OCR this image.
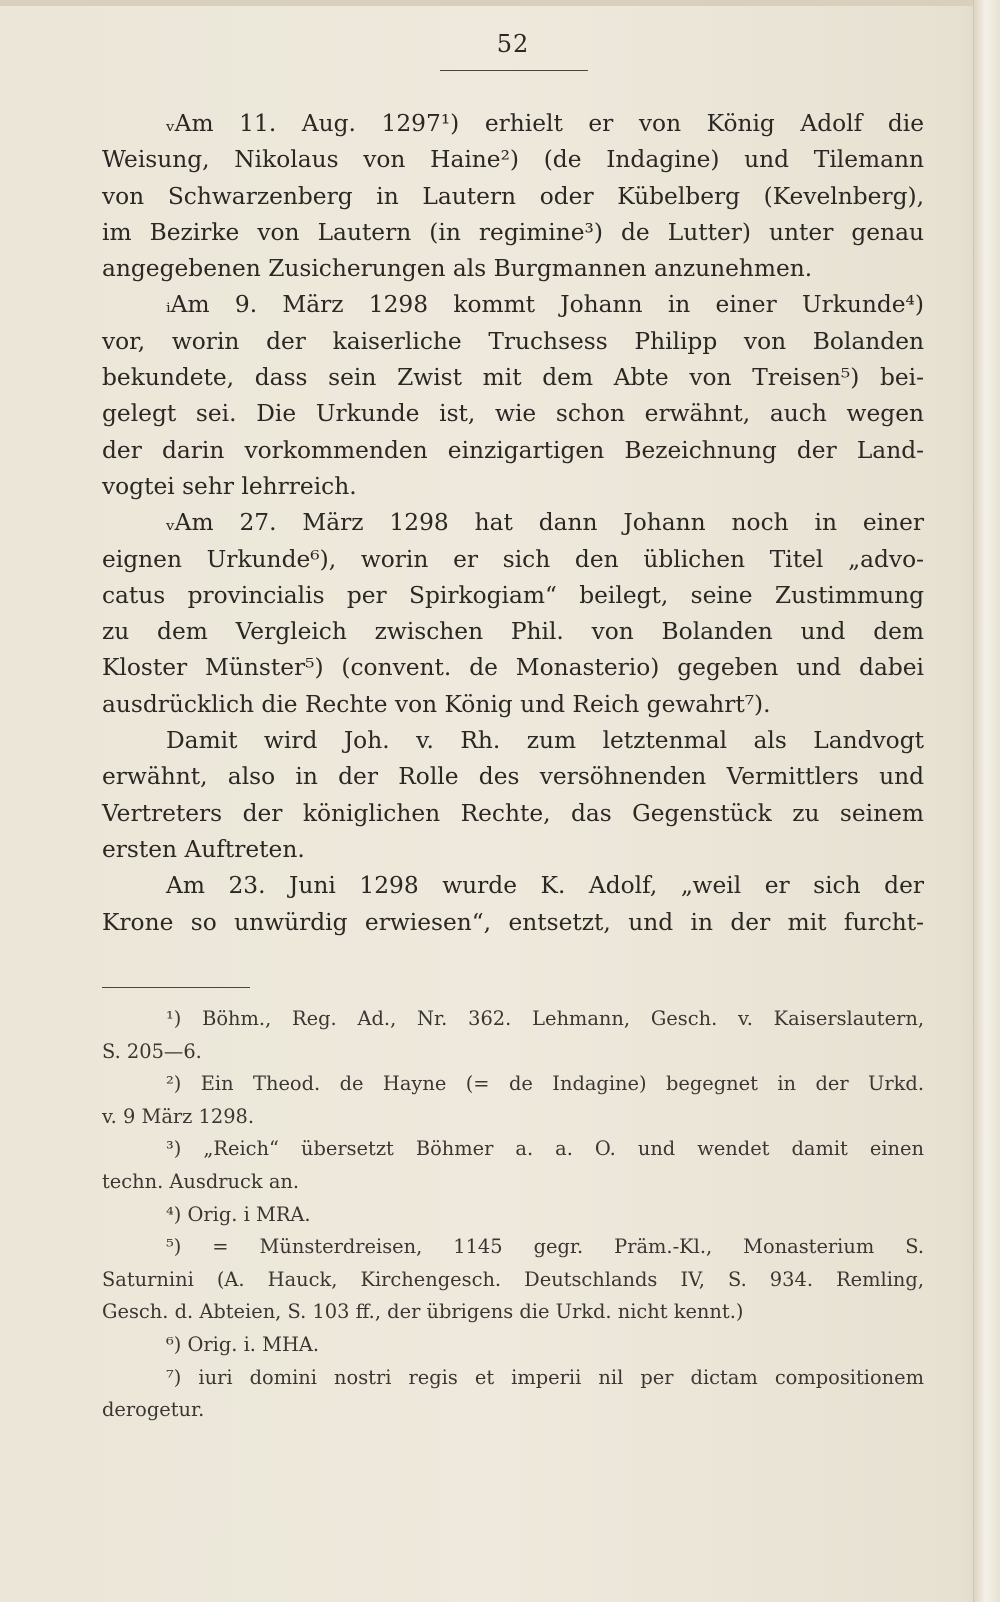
52
ᵥAm 11. Aug. 1297¹) erhielt er von König Adolf die
Weisung, Nikolaus von Haine²) (de Indagine) und Tilemann
von Schwarzenberg in Lautern oder Kübelberg (Kevelnberg),
im Bezirke von Lautern (in regimine³) de Lutter) unter genau
angegebenen Zusicherungen als Burgmannen anzunehmen.
ᵢAm 9. März 1298 kommt Johann in einer Urkunde⁴)
vor, worin der kaiserliche Truchsess Philipp von Bolanden
bekundete, dass sein Zwist mit dem Abte von Treisen⁵) bei-
gelegt sei. Die Urkunde ist, wie schon erwähnt, auch wegen
der darin vorkommenden einzigartigen Bezeichnung der Land-
vogtei sehr lehrreich.
ᵥAm 27. März 1298 hat dann Johann noch in einer
eignen Urkunde⁶), worin er sich den üblichen Titel „advo-
catus provincialis per Spirkogiam“ beilegt, seine Zustimmung
zu dem Vergleich zwischen Phil. von Bolanden und dem
Kloster Münster⁵) (convent. de Monasterio) gegeben und dabei
ausdrücklich die Rechte von König und Reich gewahrt⁷).
Damit wird Joh. v. Rh. zum letztenmal als Landvogt
erwähnt, also in der Rolle des versöhnenden Vermittlers und
Vertreters der königlichen Rechte, das Gegenstück zu seinem
ersten Auftreten.
Am 23. Juni 1298 wurde K. Adolf, „weil er sich der
Krone so unwürdig erwiesen“, entsetzt, und in der mit furcht-
¹) Böhm., Reg. Ad., Nr. 362. Lehmann, Gesch. v. Kaiserslautern,
S. 205—6.
²) Ein Theod. de Hayne (= de Indagine) begegnet in der Urkd.
v. 9 März 1298.
³) „Reich“ übersetzt Böhmer a. a. O. und wendet damit einen
techn. Ausdruck an.
⁴) Orig. i MRA.
⁵) = Münsterdreisen, 1145 gegr. Präm.-Kl., Monasterium S.
Saturnini (A. Hauck, Kirchengesch. Deutschlands IV, S. 934. Remling,
Gesch. d. Abteien, S. 103 ff., der übrigens die Urkd. nicht kennt.)
⁶) Orig. i. MHA.
⁷) iuri domini nostri regis et imperii nil per dictam compositionem
derogetur.
